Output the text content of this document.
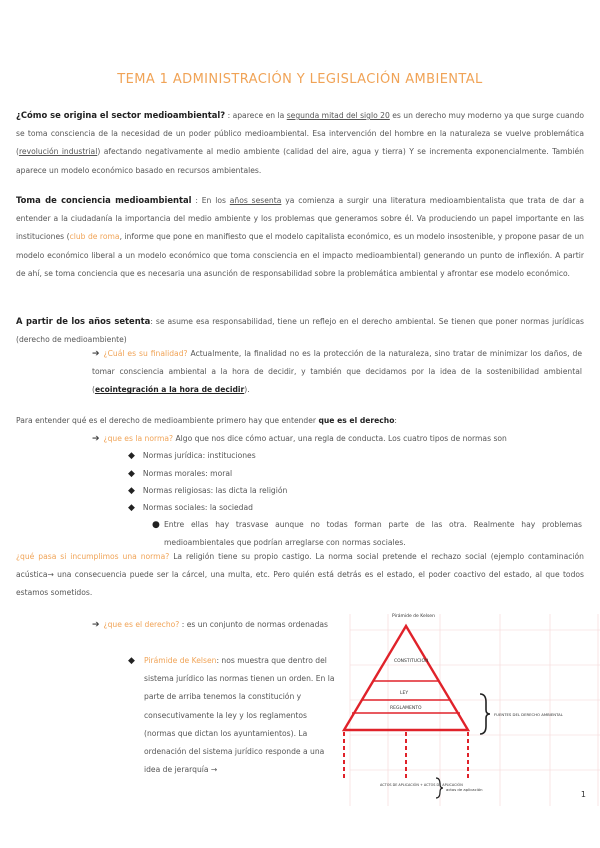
TEMA 1 ADMINISTRACIÓN Y LEGISLACIÓN AMBIENTAL
¿Cómo se origina el sector medioambiental? : aparece en la segunda mitad del siglo 20 es un derecho muy moderno ya que surge cuando se toma consciencia de la necesidad de un poder público medioambiental. Esa intervención del hombre en la naturaleza se vuelve problemática (revolución industrial) afectando negativamente al medio ambiente (calidad del aire, agua y tierra) Y se incrementa exponencialmente. También aparece un modelo económico basado en recursos ambientales.
Toma de conciencia medioambiental : En los años sesenta ya comienza a surgir una literatura medioambientalista que trata de dar a entender a la ciudadanía la importancia del medio ambiente y los problemas que generamos sobre él. Va produciendo un papel importante en las instituciones (club de roma, informe que pone en manifiesto que el modelo capitalista económico, es un modelo insostenible, y propone pasar de un modelo económico liberal a un modelo económico que toma consciencia en el impacto medioambiental) generando un punto de inflexión. A partir de ahí, se toma conciencia que es necesaria una asunción de responsabilidad sobre la problemática ambiental y afrontar ese modelo económico.
A partir de los años setenta: se asume esa responsabilidad, tiene un reflejo en el derecho ambiental. Se tienen que poner normas jurídicas (derecho de medioambiente)
➔ ¿Cuál es su finalidad? Actualmente, la finalidad no es la protección de la naturaleza, sino tratar de minimizar los daños, de tomar consciencia ambiental a la hora de decidir, y también que decidamos por la idea de la sostenibilidad ambiental (ecointegración a la hora de decidir).
Para entender qué es el derecho de medioambiente primero hay que entender que es el derecho:
➔ ¿que es la norma? Algo que nos dice cómo actuar, una regla de conducta. Los cuatro tipos de normas son
◆ Normas jurídica: instituciones
◆ Normas morales: moral
◆ Normas religiosas: las dicta la religión
◆ Normas sociales: la sociedad
● Entre ellas hay trasvase aunque no todas forman parte de las otra. Realmente hay problemas medioambientales que podrían arreglarse con normas sociales.
¿qué pasa si incumplimos una norma? La religión tiene su propio castigo. La norma social pretende el rechazo social (ejemplo contaminación acústica→ una consecuencia puede ser la cárcel, una multa, etc. Pero quién está detrás es el estado, el poder coactivo del estado, al que todos estamos sometidos.
➔ ¿que es el derecho? : es un conjunto de normas ordenadas
◆ Pirámide de Kelsen: nos muestra que dentro del sistema jurídico las normas tienen un orden. En la parte de arriba tenemos la constitución y consecutivamente la ley y los reglamentos (normas que dictan los ayuntamientos). La ordenación del sistema jurídico responde a una idea de jerarquía →
Pirámide de Kelsen
CONSTITUCIÓN
LEY
REGLAMENTO
FUENTES DEL DERECHO AMBIENTAL
ACTOS DE APLICACIÓN + ACTOS DE APLICACIÓN
actos de aplicación
1
